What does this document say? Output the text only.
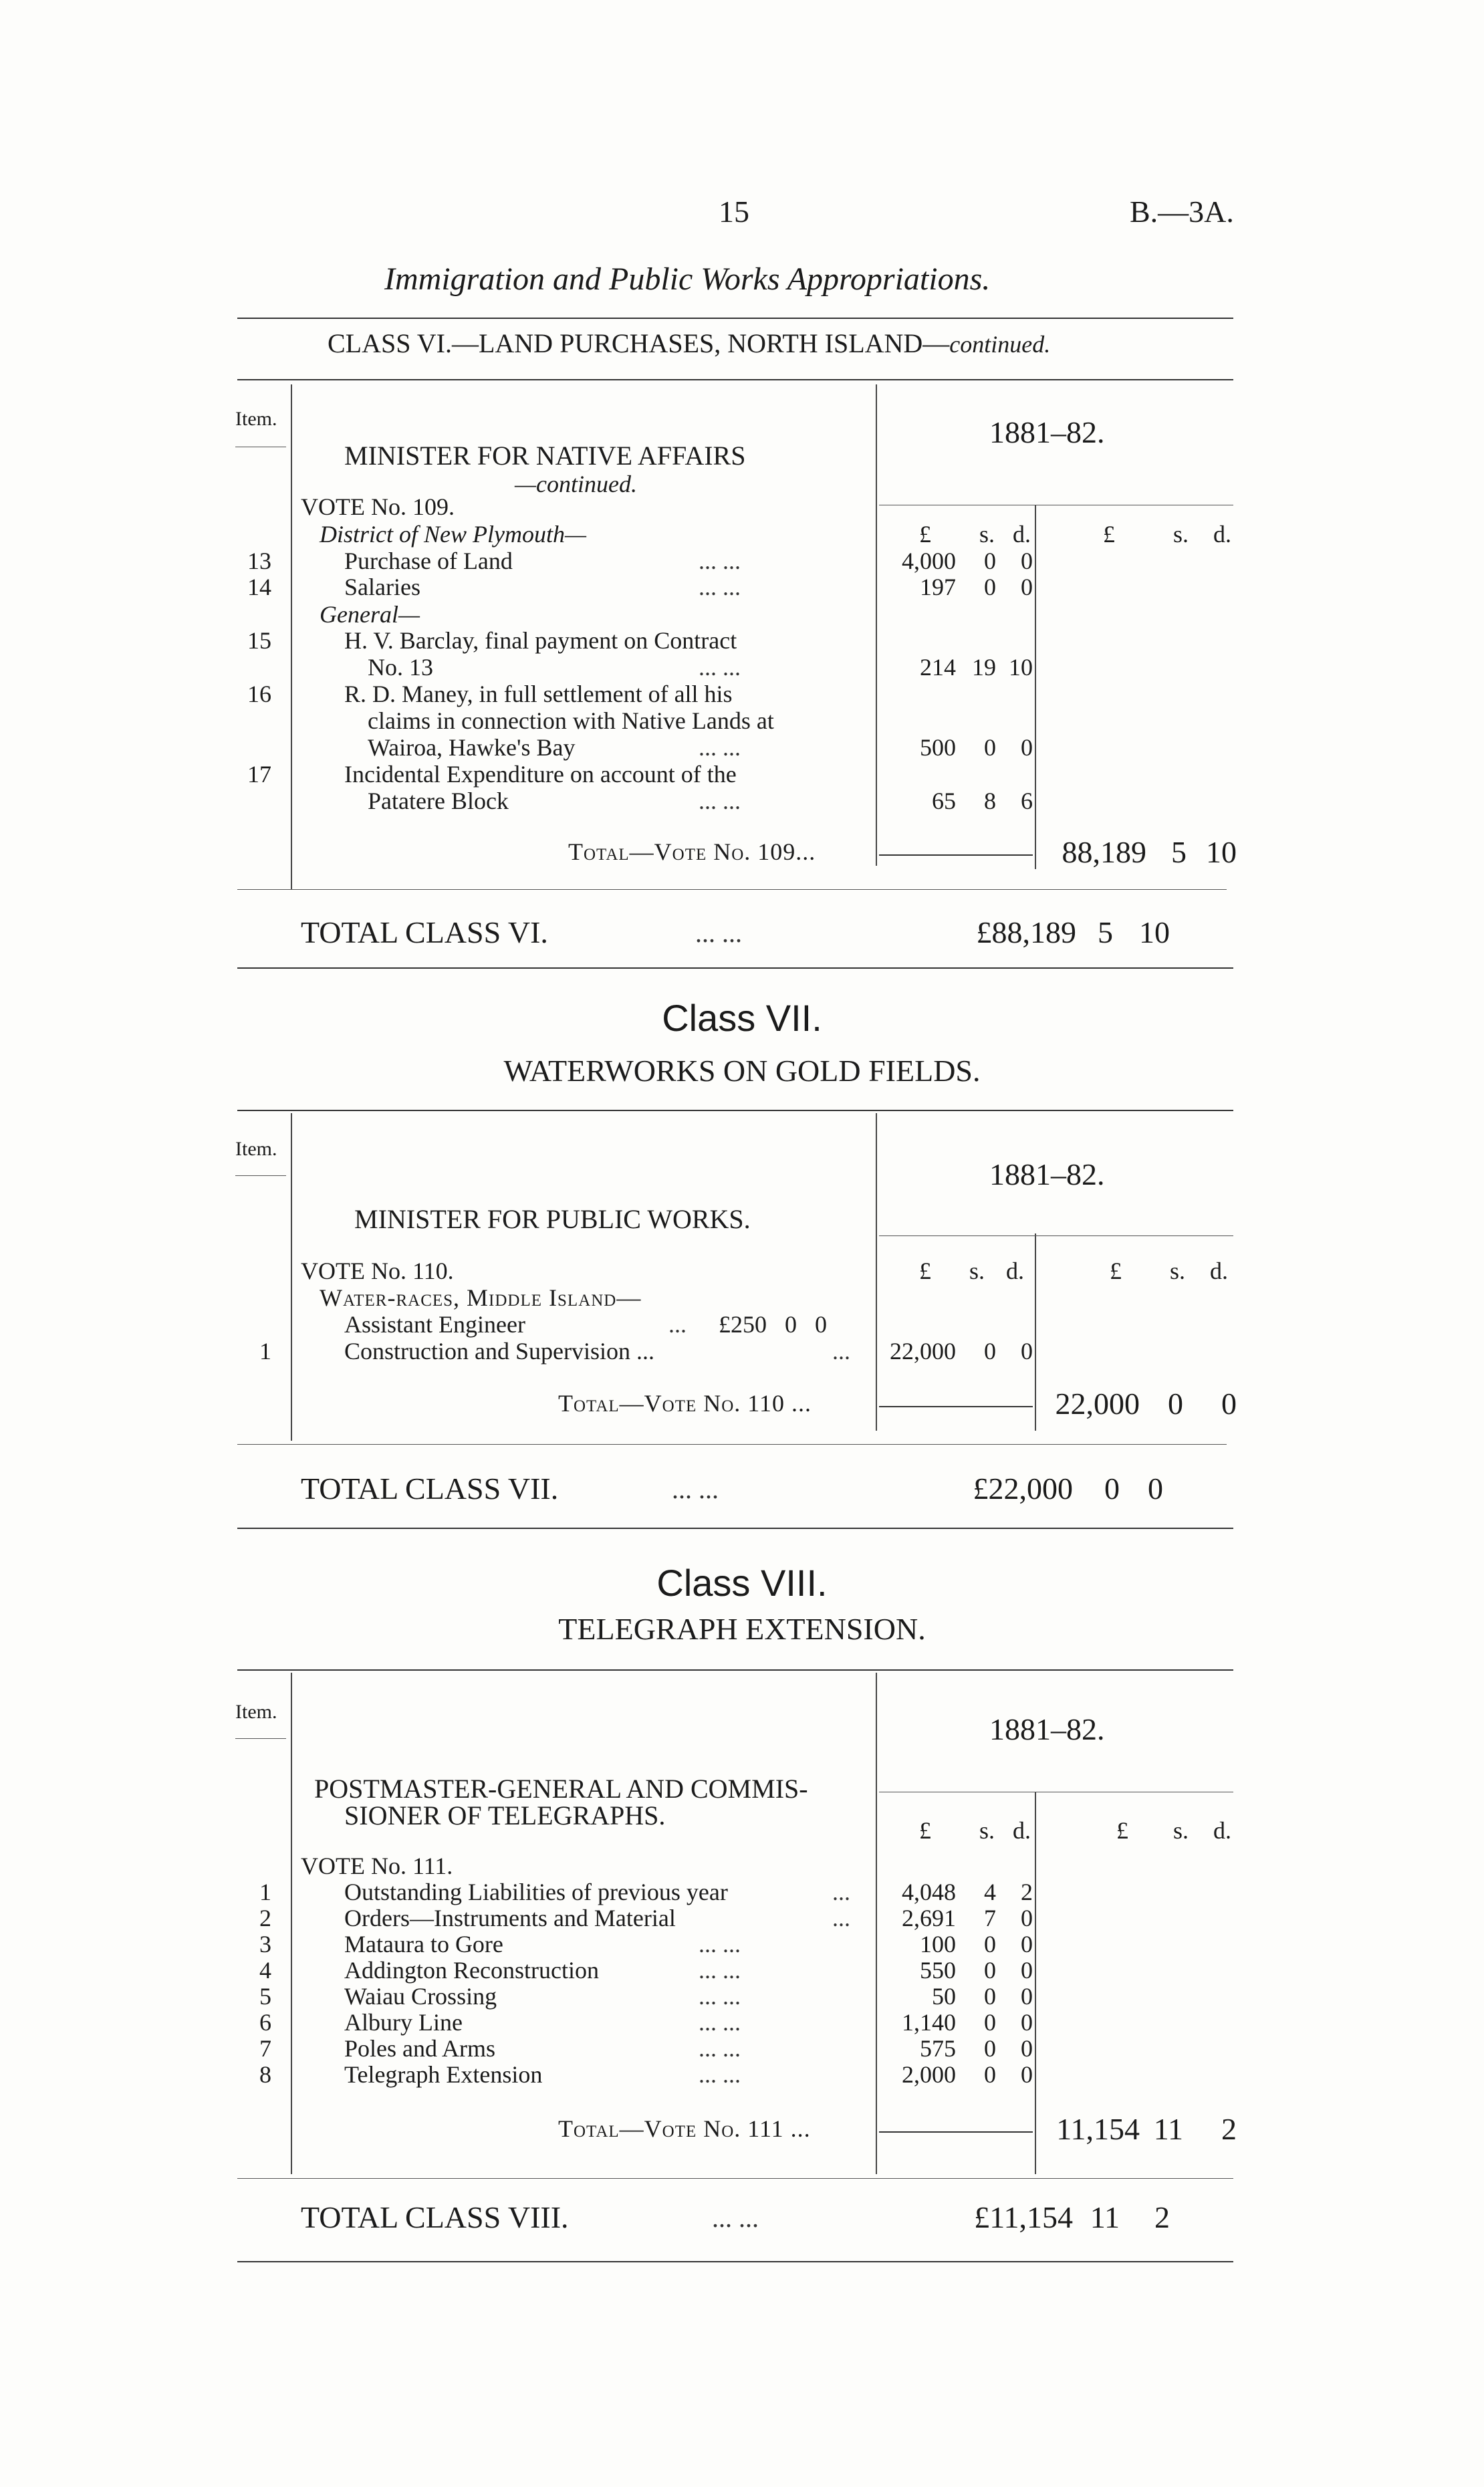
15	B.—3A.
Immigration and Public Works Appropriations.
CLASS VI.—LAND PURCHASES, NORTH ISLAND—continued.
Item.
MINISTER FOR NATIVE AFFAIRS
—continued.
1881–82.
VOTE No. 109.
District of New Plymouth—	£ s. d.	£ s. d.
13	Purchase of Land	... ...	4,000	0	0
14	Salaries	... ...	197	0	0
General—
15	H. V. Barclay, final payment on Contract
No. 13	... ...	214 19 10
16	R. D. Maney, in full settlement of all his
claims in connection with Native Lands at
Wairoa, Hawke's Bay	... ...	500	0	0
17	Incidental Expenditure on account of the
Patatere Block	... ...	65	8	6
Total—Vote No. 109...	88,189 5 10
TOTAL CLASS VI.	... ...	£88,189 5 10
Class VII.
WATERWORKS ON GOLD FIELDS.
Item.
1881–82.
MINISTER FOR PUBLIC WORKS.
VOTE No. 110.	£ s. d.	£ s. d.
Water-races, Middle Island—
Assistant Engineer	... £250   0   0
1	Construction and Supervision ...	...	22,000	0	0
Total—Vote No. 110 ...	22,000 0	0
TOTAL CLASS VII.	... ...	£22,000	0 0
Class VIII.
TELEGRAPH EXTENSION.
Item.
1881–82.
POSTMASTER-GENERAL AND COMMIS-
SIONER OF TELEGRAPHS.	£ s. d.	£ s. d.
VOTE No. 111.
1	Outstanding Liabilities of previous year	...	4,048	4	2
2	Orders—Instruments and Material	...	2,691	7	0
3	Mataura to Gore	... ...	100	0	0
4	Addington Reconstruction	... ...	550	0	0
5	Waiau Crossing	... ...	50	0	0
6	Albury Line	... ...	1,140	0	0
7	Poles and Arms	... ...	575	0	0
8	Telegraph Extension	... ...	2,000	0	0
Total—Vote No. 111 ...	11,154 11	2
TOTAL CLASS VIII.	... ...	£11,154 11	2
